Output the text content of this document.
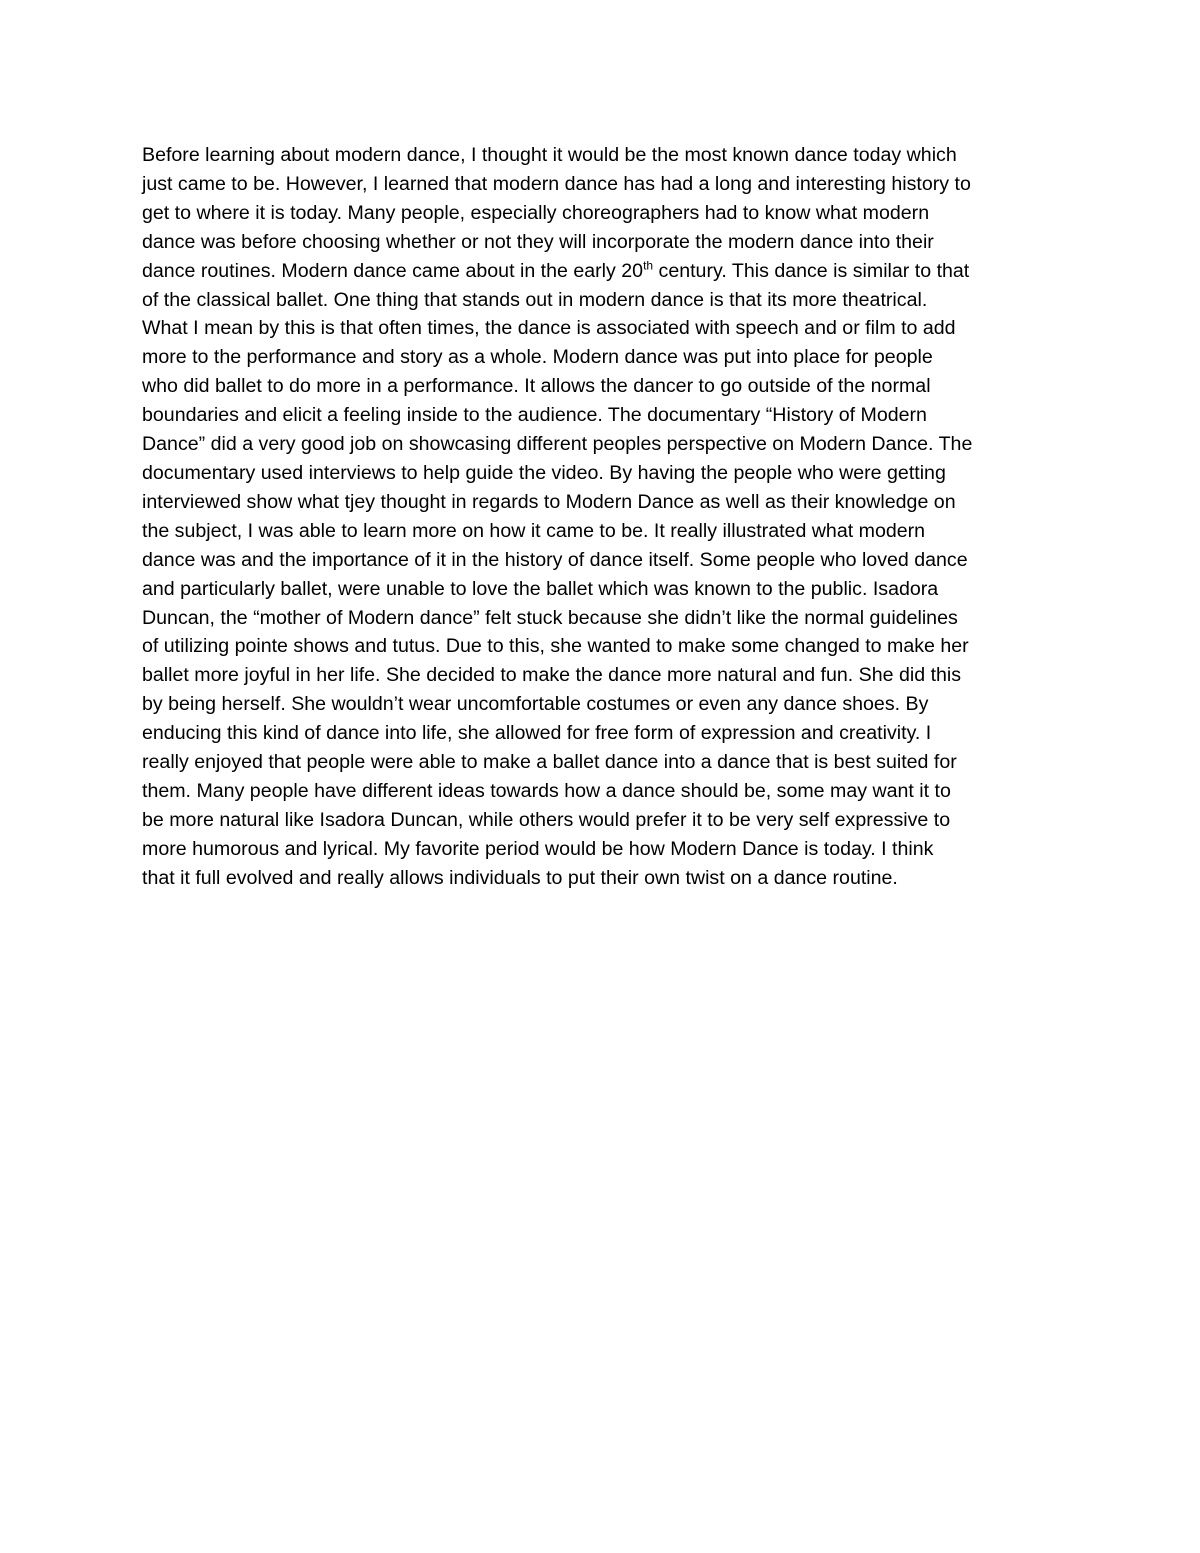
Before learning about modern dance, I thought it would be the most known dance today which
just came to be. However, I learned that modern dance has had a long and interesting history to
get to where it is today. Many people, especially choreographers had to know what modern
dance was before choosing whether or not they will incorporate the modern dance into their
dance routines. Modern dance came about in the early 20th century. This dance is similar to that
of the classical ballet. One thing that stands out in modern dance is that its more theatrical.
What I mean by this is that often times, the dance is associated with speech and or film to add
more to the performance and story as a whole. Modern dance was put into place for people
who did ballet to do more in a performance. It allows the dancer to go outside of the normal
boundaries and elicit a feeling inside to the audience. The documentary “History of Modern
Dance” did a very good job on showcasing different peoples perspective on Modern Dance. The
documentary used interviews to help guide the video. By having the people who were getting
interviewed show what tjey thought in regards to Modern Dance as well as their knowledge on
the subject, I was able to learn more on how it came to be. It really illustrated what modern
dance was and the importance of it in the history of dance itself. Some people who loved dance
and particularly ballet, were unable to love the ballet which was known to the public. Isadora
Duncan, the “mother of Modern dance” felt stuck because she didn’t like the normal guidelines
of utilizing pointe shows and tutus. Due to this, she wanted to make some changed to make her
ballet more joyful in her life. She decided to make the dance more natural and fun. She did this
by being herself. She wouldn’t wear uncomfortable costumes or even any dance shoes. By
enducing this kind of dance into life, she allowed for free form of expression and creativity. I
really enjoyed that people were able to make a ballet dance into a dance that is best suited for
them. Many people have different ideas towards how a dance should be, some may want it to
be more natural like Isadora Duncan, while others would prefer it to be very self expressive to
more humorous and lyrical. My favorite period would be how Modern Dance is today. I think
that it full evolved and really allows individuals to put their own twist on a dance routine.
